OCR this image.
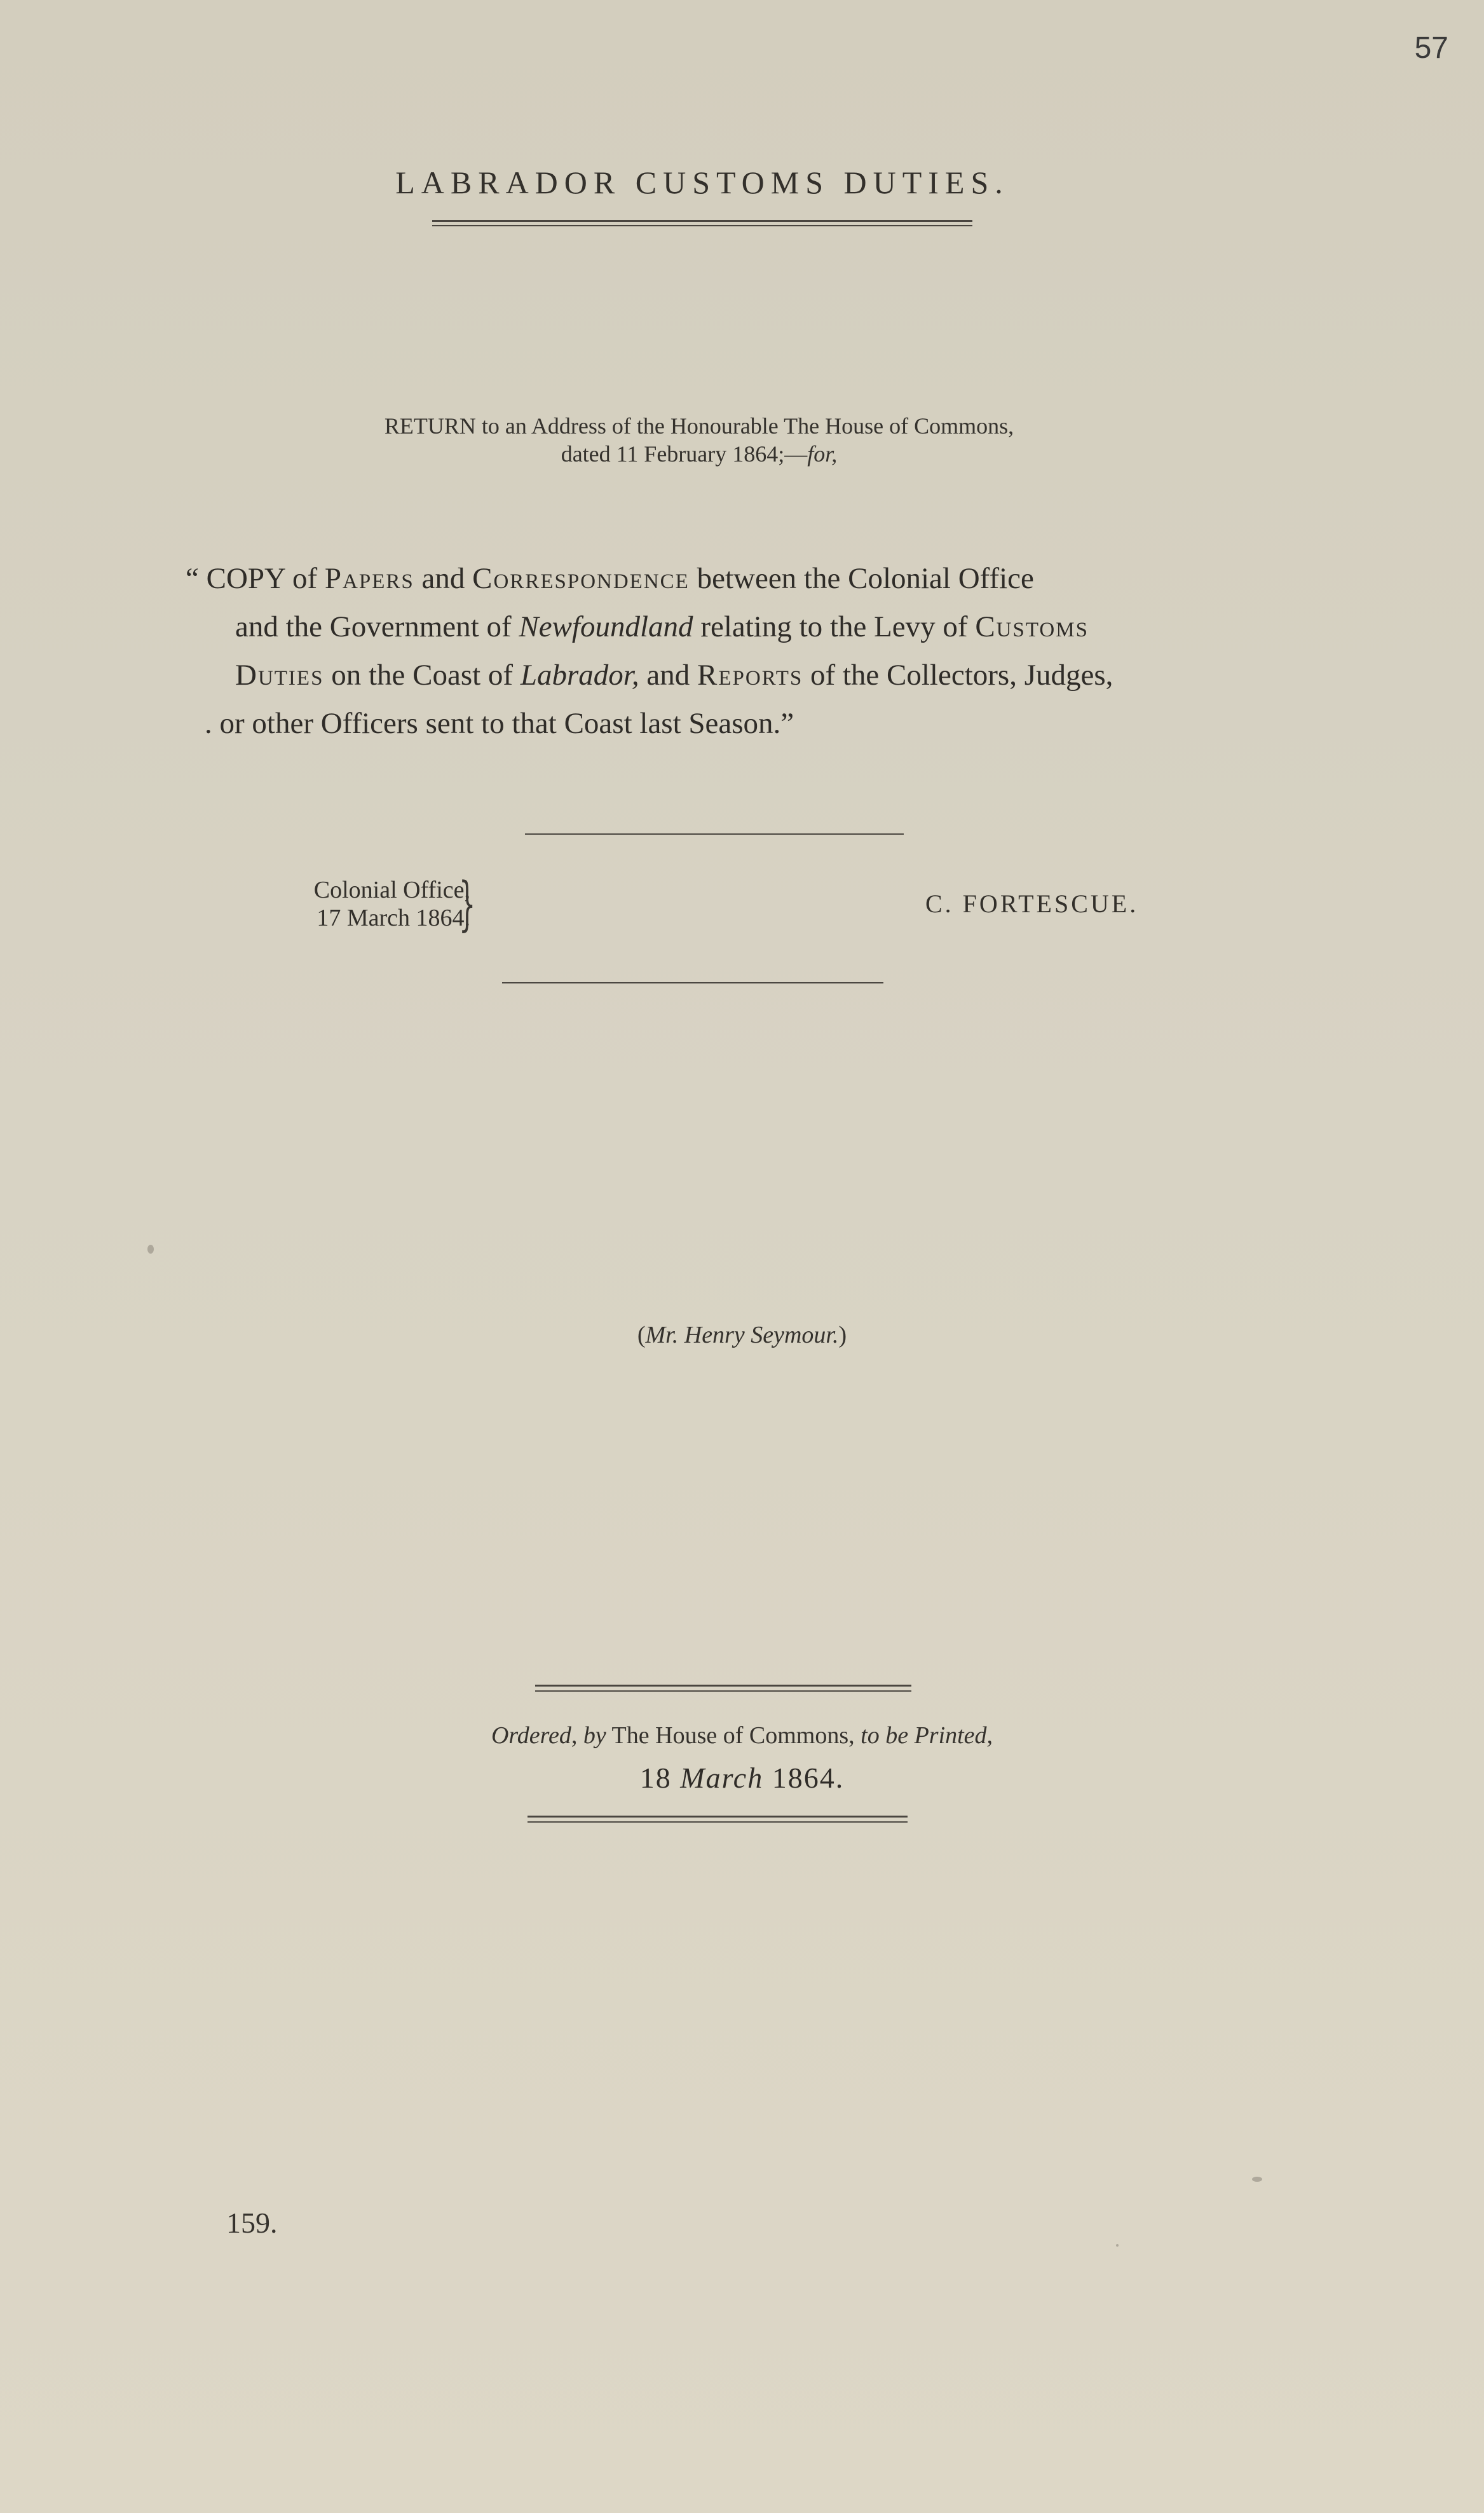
57
LABRADOR CUSTOMS DUTIES.
RETURN to an Address of the Honourable The House of Commons,
dated 11 February 1864;—for,
“ COPY of Papers and Correspondence between the Colonial Office
and the Government of Newfoundland relating to the Levy of Customs
Duties on the Coast of Labrador, and Reports of the Collectors, Judges,
. or other Officers sent to that Coast last Season.”
Colonial Office,
17 March 1864.
}	C. FORTESCUE.
(Mr. Henry Seymour.)
Ordered, by The House of Commons, to be Printed,
18 March 1864.
159.
